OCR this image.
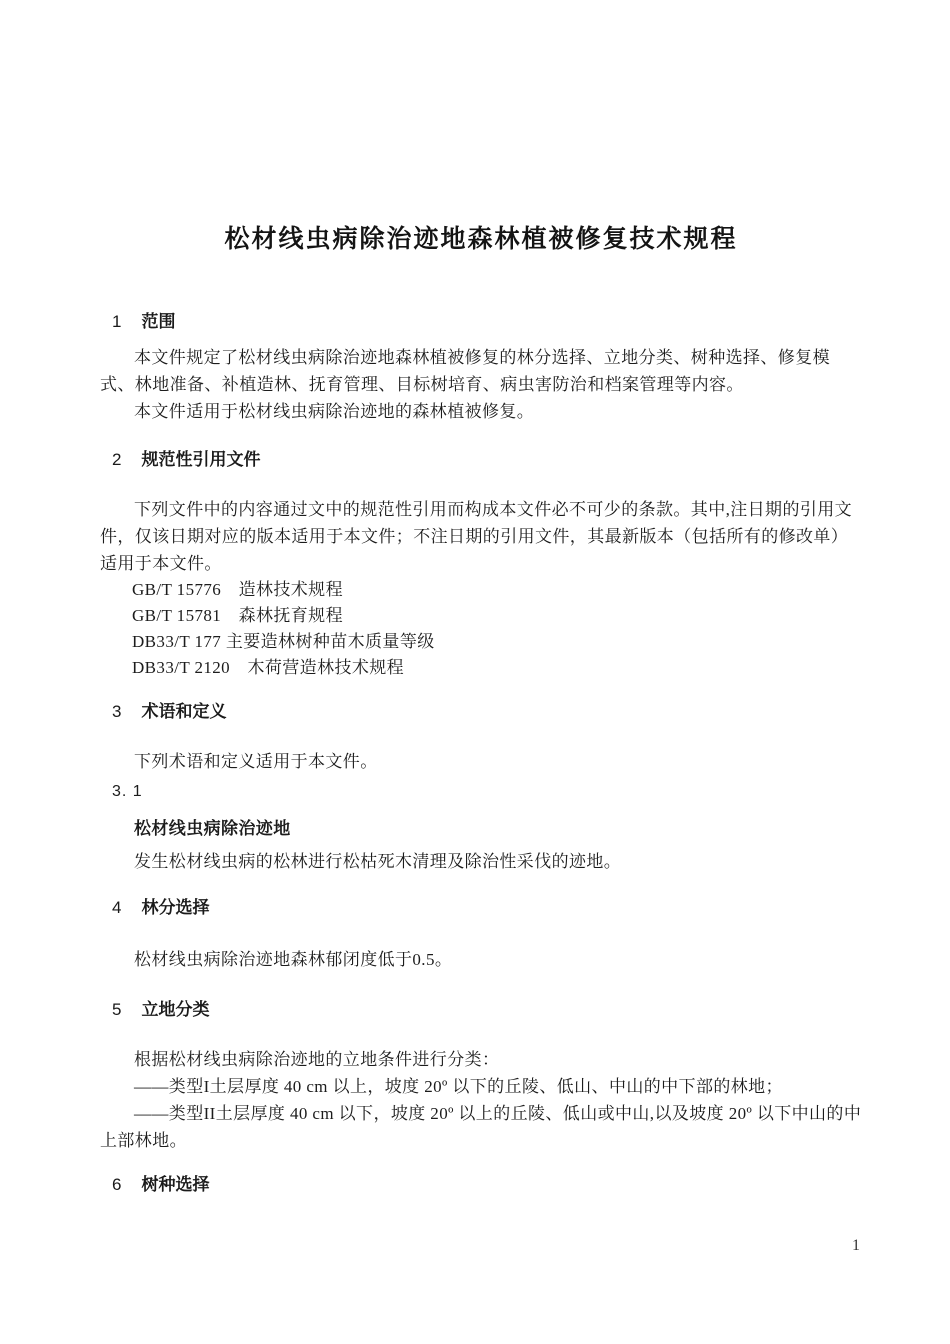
松材线虫病除治迹地森林植被修复技术规程
1 范围

本文件规定了松材线虫病除治迹地森林植被修复的林分选择、立地分类、树种选择、修复模式、林地准备、补植造林、抚育管理、目标树培育、病虫害防治和档案管理等内容。

本文件适用于松材线虫病除治迹地的森林植被修复。

2 规范性引用文件

下列文件中的内容通过文中的规范性引用而构成本文件必不可少的条款。其中,注日期的引用文件，仅该日期对应的版本适用于本文件；不注日期的引用文件，其最新版本（包括所有的修改单）适用于本文件。

GB/T 15776　造林技术规程

GB/T 15781　森林抚育规程

DB33/T 177 主要造林树种苗木质量等级

DB33/T 2120　木荷营造林技术规程

3 术语和定义

下列术语和定义适用于本文件。

3. 1

松材线虫病除治迹地

发生松材线虫病的松林进行松枯死木清理及除治性采伐的迹地。

4 林分选择

松材线虫病除治迹地森林郁闭度低于0.5。

5 立地分类

根据松材线虫病除治迹地的立地条件进行分类：

——类型I土层厚度 40 cm 以上，坡度 20º 以下的丘陵、低山、中山的中下部的林地；

——类型II土层厚度 40 cm 以下，坡度 20º 以上的丘陵、低山或中山,以及坡度 20º 以下中山的中上部林地。

6 树种选择
1
